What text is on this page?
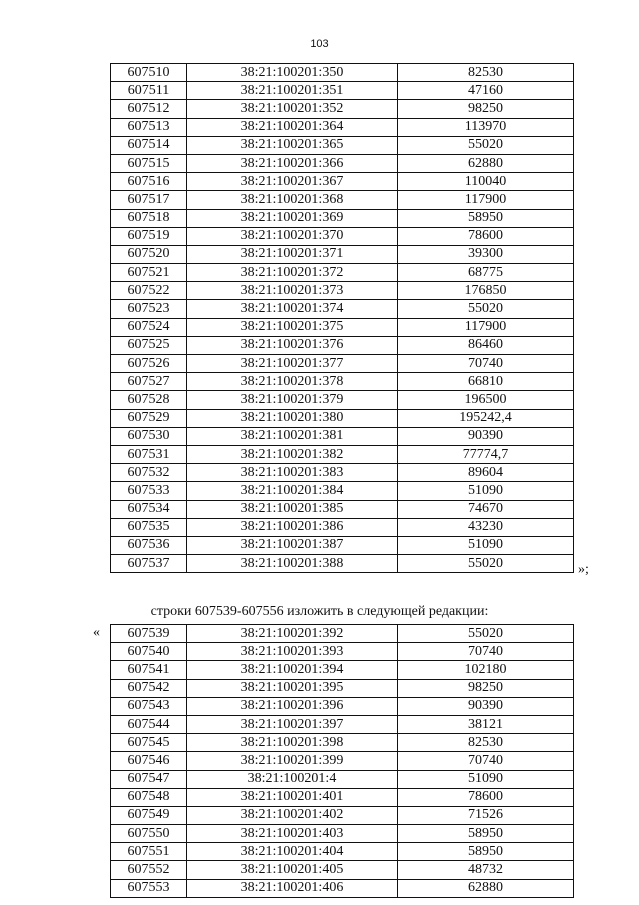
103
607510	38:21:100201:350	82530
607511	38:21:100201:351	47160
607512	38:21:100201:352	98250
607513	38:21:100201:364	113970
607514	38:21:100201:365	55020
607515	38:21:100201:366	62880
607516	38:21:100201:367	110040
607517	38:21:100201:368	117900
607518	38:21:100201:369	58950
607519	38:21:100201:370	78600
607520	38:21:100201:371	39300
607521	38:21:100201:372	68775
607522	38:21:100201:373	176850
607523	38:21:100201:374	55020
607524	38:21:100201:375	117900
607525	38:21:100201:376	86460
607526	38:21:100201:377	70740
607527	38:21:100201:378	66810
607528	38:21:100201:379	196500
607529	38:21:100201:380	195242,4
607530	38:21:100201:381	90390
607531	38:21:100201:382	77774,7
607532	38:21:100201:383	89604
607533	38:21:100201:384	51090
607534	38:21:100201:385	74670
607535	38:21:100201:386	43230
607536	38:21:100201:387	51090
607537	38:21:100201:388	55020	»;
строки 607539-607556 изложить в следующей редакции:
« 607539	38:21:100201:392	55020
607540	38:21:100201:393	70740
607541	38:21:100201:394	102180
607542	38:21:100201:395	98250
607543	38:21:100201:396	90390
607544	38:21:100201:397	38121
607545	38:21:100201:398	82530
607546	38:21:100201:399	70740
607547	38:21:100201:4	51090
607548	38:21:100201:401	78600
607549	38:21:100201:402	71526
607550	38:21:100201:403	58950
607551	38:21:100201:404	58950
607552	38:21:100201:405	48732
607553	38:21:100201:406	62880
